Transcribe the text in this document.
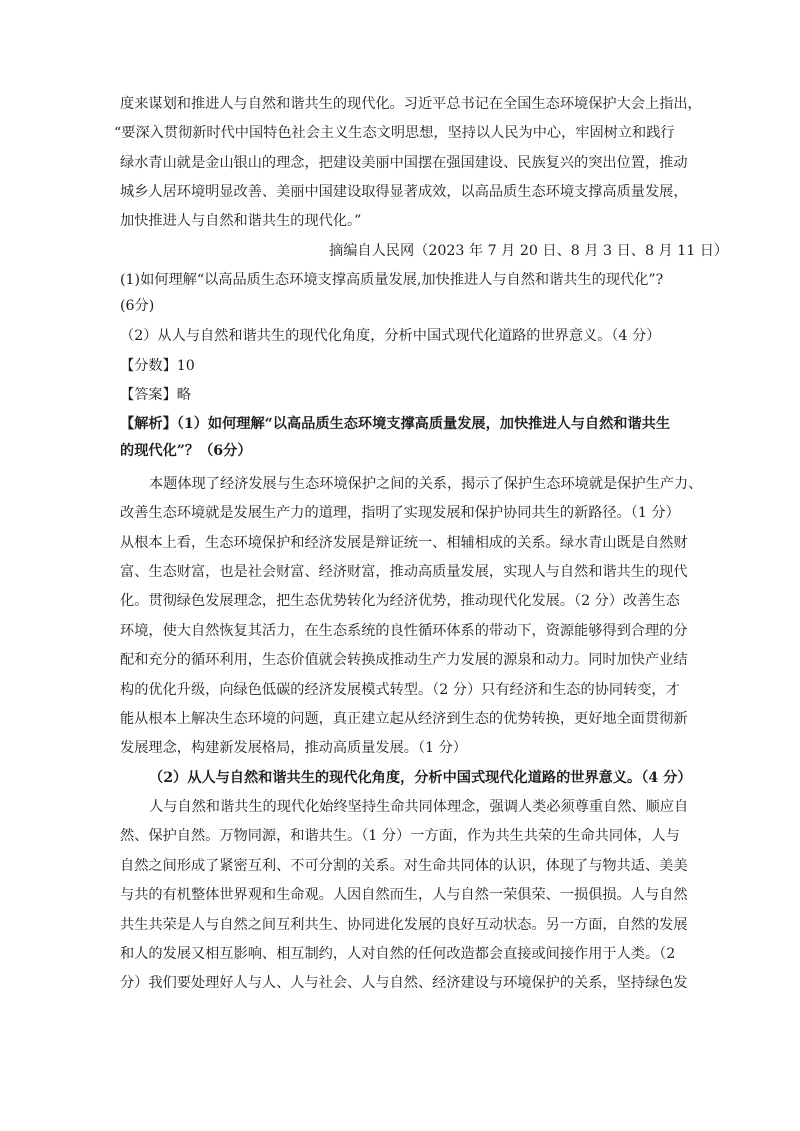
度来谋划和推进人与自然和谐共生的现代化。习近平总书记在全国生态环境保护大会上指出，
“要深入贯彻新时代中国特色社会主义生态文明思想，坚持以人民为中心，牢固树立和践行
绿水青山就是金山银山的理念，把建设美丽中国摆在强国建设、民族复兴的突出位置，推动
城乡人居环境明显改善、美丽中国建设取得显著成效，以高品质生态环境支撑高质量发展，
加快推进人与自然和谐共生的现代化。”
摘编自人民网（2023 年 7 月 20 日、8 月 3 日、8 月 11 日）
(1)如何理解“以高品质生态环境支撑高质量发展,加快推进人与自然和谐共生的现代化”?
(6分)
（2）从人与自然和谐共生的现代化角度，分析中国式现代化道路的世界意义。（4 分）
【分数】10
【答案】略
【解析】（1）如何理解“以高品质生态环境支撑高质量发展，加快推进人与自然和谐共生
的现代化”？（6分）
本题体现了经济发展与生态环境保护之间的关系，揭示了保护生态环境就是保护生产力、
改善生态环境就是发展生产力的道理，指明了实现发展和保护协同共生的新路径。（1 分）
从根本上看，生态环境保护和经济发展是辩证统一、相辅相成的关系。绿水青山既是自然财
富、生态财富，也是社会财富、经济财富，推动高质量发展，实现人与自然和谐共生的现代
化。贯彻绿色发展理念，把生态优势转化为经济优势，推动现代化发展。（2 分）改善生态
环境，使大自然恢复其活力，在生态系统的良性循环体系的带动下，资源能够得到合理的分
配和充分的循环利用，生态价值就会转换成推动生产力发展的源泉和动力。同时加快产业结
构的优化升级，向绿色低碳的经济发展模式转型。（2 分）只有经济和生态的协同转变，才
能从根本上解决生态环境的问题，真正建立起从经济到生态的优势转换，更好地全面贯彻新
发展理念，构建新发展格局，推动高质量发展。（1 分）
（2）从人与自然和谐共生的现代化角度，分析中国式现代化道路的世界意义。（4 分）
人与自然和谐共生的现代化始终坚持生命共同体理念，强调人类必须尊重自然、顺应自
然、保护自然。万物同源，和谐共生。（1 分）一方面，作为共生共荣的生命共同体，人与
自然之间形成了紧密互利、不可分割的关系。对生命共同体的认识，体现了与物共适、美美
与共的有机整体世界观和生命观。人因自然而生，人与自然一荣俱荣、一损俱损。人与自然
共生共荣是人与自然之间互利共生、协同进化发展的良好互动状态。另一方面，自然的发展
和人的发展又相互影响、相互制约，人对自然的任何改造都会直接或间接作用于人类。（2
分）我们要处理好人与人、人与社会、人与自然、经济建设与环境保护的关系，坚持绿色发
